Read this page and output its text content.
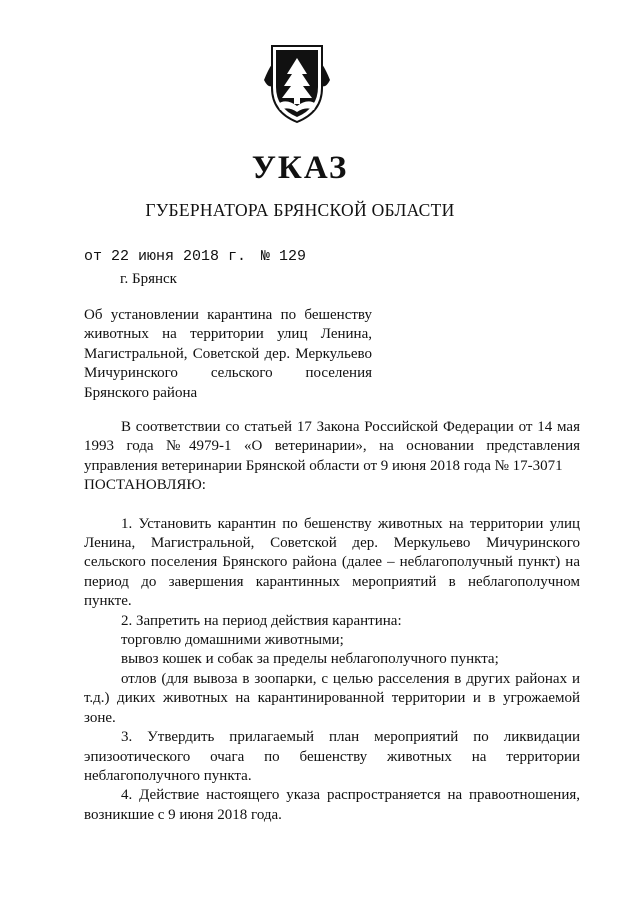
УКАЗ
ГУБЕРНАТОРА БРЯНСКОЙ ОБЛАСТИ
от 22 июня 2018 г. № 129
г. Брянск
Об установлении карантина по бешенству животных на территории улиц Ленина, Магистральной, Советской дер. Меркульево Мичуринского сельского поселения Брянского района

В соответствии со статьей 17 Закона Российской Федерации от 14 мая 1993 года №4979-1 «О ветеринарии», на основании представления управления ветеринарии Брянской области от 9 июня 2018 года № 17-3071

ПОСТАНОВЛЯЮ:

1. Установить карантин по бешенству животных на территории улиц Ленина, Магистральной, Советской дер. Меркульево Мичуринского сельского поселения Брянского района (далее – неблагополучный пункт) на период до завершения карантинных мероприятий в неблагополучном пункте.

2. Запретить на период действия карантина:

торговлю домашними животными;

вывоз кошек и собак за пределы неблагополучного пункта;

отлов (для вывоза в зоопарки, с целью расселения в других районах и т.д.) диких животных на карантинированной территории и в угрожаемой зоне.

3. Утвердить прилагаемый план мероприятий по ликвидации эпизоотического очага по бешенству животных на территории неблагополучного пункта.

4. Действие настоящего указа распространяется на правоотношения, возникшие с 9 июня 2018 года.
